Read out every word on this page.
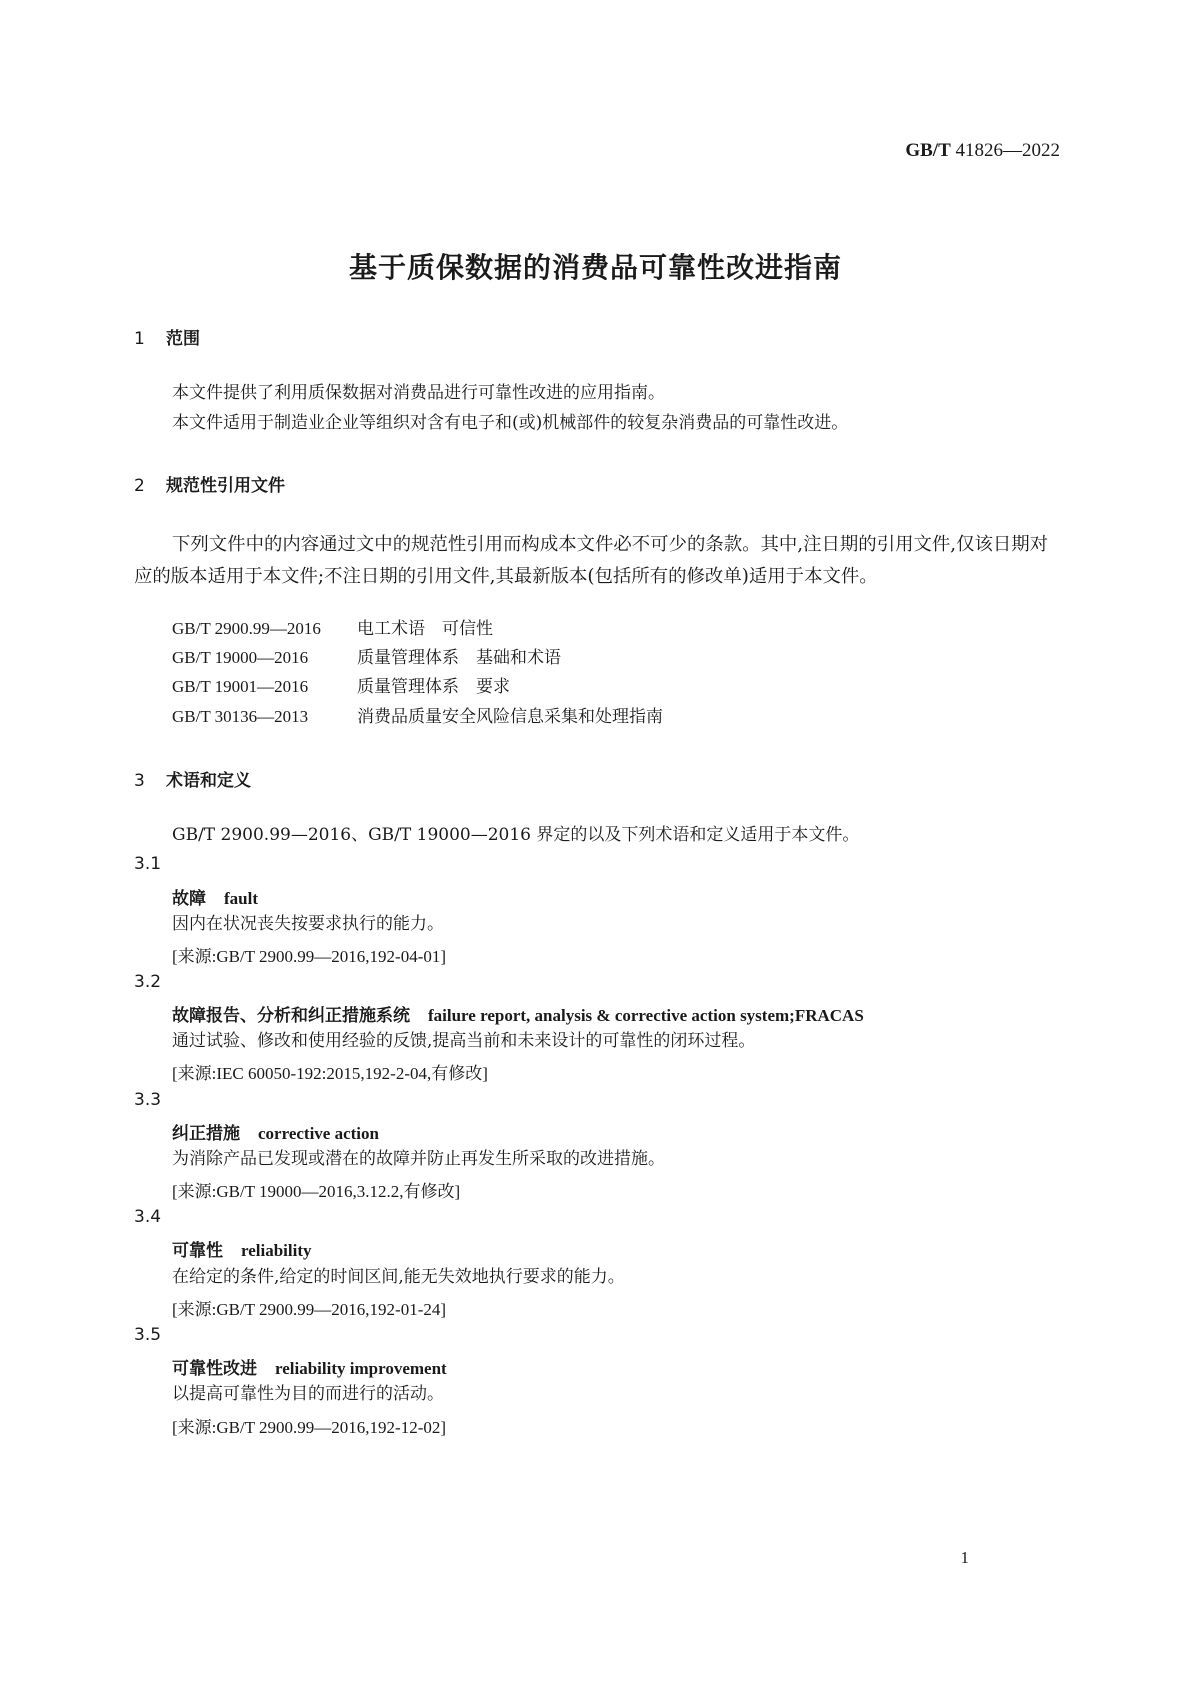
GB/T 41826—2022
基于质保数据的消费品可靠性改进指南
1 范围
本文件提供了利用质保数据对消费品进行可靠性改进的应用指南。
本文件适用于制造业企业等组织对含有电子和(或)机械部件的较复杂消费品的可靠性改进。
2 规范性引用文件
下列文件中的内容通过文中的规范性引用而构成本文件必不可少的条款。其中,注日期的引用文件,仅该日期对应的版本适用于本文件;不注日期的引用文件,其最新版本(包括所有的修改单)适用于本文件。
GB/T 2900.99—2016 电工术语　可信性
GB/T 19000—2016	质量管理体系　基础和术语
GB/T 19001—2016	质量管理体系　要求
GB/T 30136—2013	消费品质量安全风险信息采集和处理指南
3 术语和定义
GB/T 2900.99—2016、GB/T 19000—2016 界定的以及下列术语和定义适用于本文件。
3.1
故障 fault
因内在状况丧失按要求执行的能力。
[来源:GB/T 2900.99—2016,192-04-01]
3.2
故障报告、分析和纠正措施系统 failure report, analysis & corrective action system;FRACAS
通过试验、修改和使用经验的反馈,提高当前和未来设计的可靠性的闭环过程。
[来源:IEC 60050-192:2015,192-2-04,有修改]
3.3
纠正措施 corrective action
为消除产品已发现或潜在的故障并防止再发生所采取的改进措施。
[来源:GB/T 19000—2016,3.12.2,有修改]
3.4
可靠性 reliability
在给定的条件,给定的时间区间,能无失效地执行要求的能力。
[来源:GB/T 2900.99—2016,192-01-24]
3.5
可靠性改进 reliability improvement
以提高可靠性为目的而进行的活动。
[来源:GB/T 2900.99—2016,192-12-02]
1
